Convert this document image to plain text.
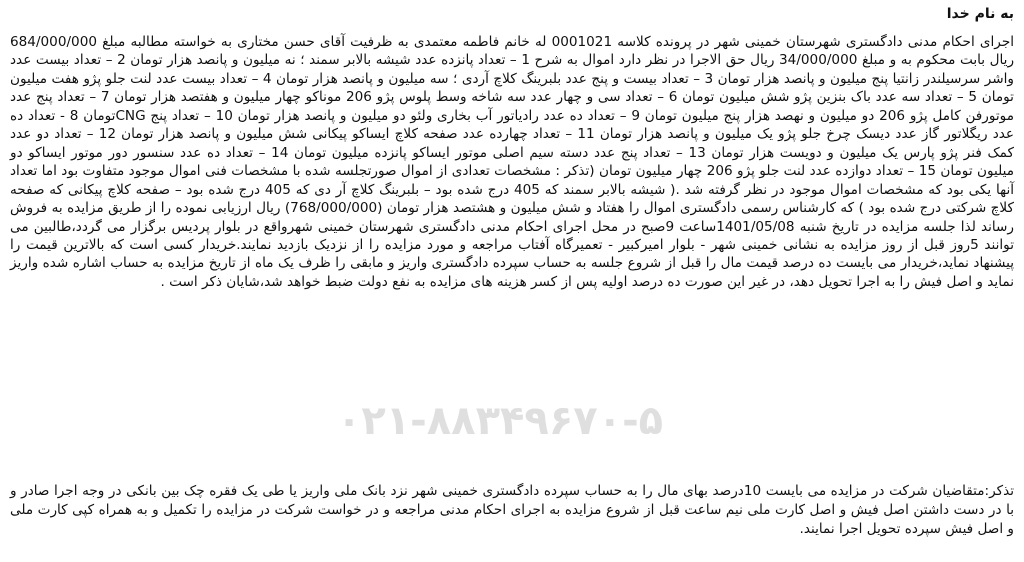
به نام خدا
اجرای احکام مدنی دادگستری شهرستان خمینی شهر در پرونده کلاسه 0001021 له خانم فاطمه معتمدی به ظرفیت آقای حسن مختاری به خواسته مطالبه مبلغ 684/000/000 ریال بابت محکوم به و مبلغ 34/000/000 ریال حق الاجرا در نظر دارد اموال به شرح 1 – تعداد پانزده عدد شیشه بالابر سمند ؛ نه میلیون و پانصد هزار تومان 2 – تعداد بیست عدد واشر سرسیلندر زانتیا پنج میلیون و پانصد هزار تومان 3 – تعداد بیست و پنج عدد بلبرینگ کلاچ آردی ؛ سه میلیون و پانصد هزار تومان 4 – تعداد بیست عدد لنت جلو پژو هفت میلیون تومان 5 – تعداد سه عدد باک بنزین پژو شش میلیون تومان 6 – تعداد سی و چهار عدد سه شاخه وسط پلوس پژو 206 موناکو چهار میلیون و هفتصد هزار تومان 7 – تعداد پنج عدد موتورفن کامل پژو 206 دو میلیون و نهصد هزار پنج میلیون تومان 9 – تعداد ده عدد رادیاتور آب بخاری ولئو دو میلیون و پانصد هزار تومان 10 – تعداد پنج CNGتومان 8 - تعداد ده عدد ریگلاتور گاز عدد دیسک چرخ جلو پژو یک میلیون و پانصد هزار تومان 11 – تعداد چهارده عدد صفحه کلاچ ایساکو پیکانی شش میلیون و پانصد هزار تومان 12 – تعداد دو عدد کمک فنر پژو پارس یک میلیون و دویست هزار تومان 13 – تعداد پنج عدد دسته سیم اصلی موتور ایساکو پانزده میلیون تومان 14 – تعداد ده عدد سنسور دور موتور ایساکو دو میلیون تومان 15 – تعداد دوازده عدد لنت جلو پژو 206 چهار میلیون تومان (تذکر : مشخصات تعدادی از اموال صورتجلسه شده با مشخصات فنی اموال موجود متفاوت بود اما تعداد آنها یکی بود که مشخصات اموال موجود در نظر گرفته شد .( شیشه بالابر سمند که 405 درج شده بود – بلبرینگ کلاچ آر دی که 405 درج شده بود – صفحه کلاچ پیکانی که صفحه کلاچ شرکتی درج شده بود ) که کارشناس رسمی دادگستری اموال را هفتاد و شش میلیون و هشتصد هزار تومان (768/000/000) ریال ارزیابی نموده را از طریق مزایده به فروش رساند لذا جلسه مزایده در تاریخ شنبه 1401/05/08ساعت 9صبح در محل اجرای احکام مدنی دادگستری شهرستان خمینی شهرواقع در بلوار پردیس برگزار می گردد،طالبین می توانند 5روز قبل از روز مزایده به نشانی خمینی شهر - بلوار امیرکبیر - تعمیرگاه آفتاب مراجعه و مورد مزایده را از نزدیک بازدید نمایند.خریدار کسی است که بالاترین قیمت را پیشنهاد نماید،خریدار می بایست ده درصد قیمت مال را قبل از شروع جلسه به حساب سپرده دادگستری واریز و مابقی را ظرف یک ماه از تاریخ مزایده به حساب اشاره شده واریز نماید و اصل فیش را به اجرا تحویل دهد، در غیر این صورت ده درصد اولیه پس از کسر هزینه های مزایده به نفع دولت ضبط خواهد شد،شایان ذکر است .
تذکر:متقاضیان شرکت در مزایده می بایست 10درصد بهای مال را به حساب سپرده دادگستری خمینی شهر نزد بانک ملی واریز یا طی یک فقره چک بین بانکی در وجه اجرا صادر و با در دست داشتن اصل فیش و اصل کارت ملی نیم ساعت قبل از شروع مزایده به اجرای احکام مدنی مراجعه و در خواست شرکت در مزایده را تکمیل و به همراه کپی کارت ملی و اصل فیش سپرده تحویل اجرا نمایند.
۰۲۱-۸۸۳۴۹۶۷۰-۵
